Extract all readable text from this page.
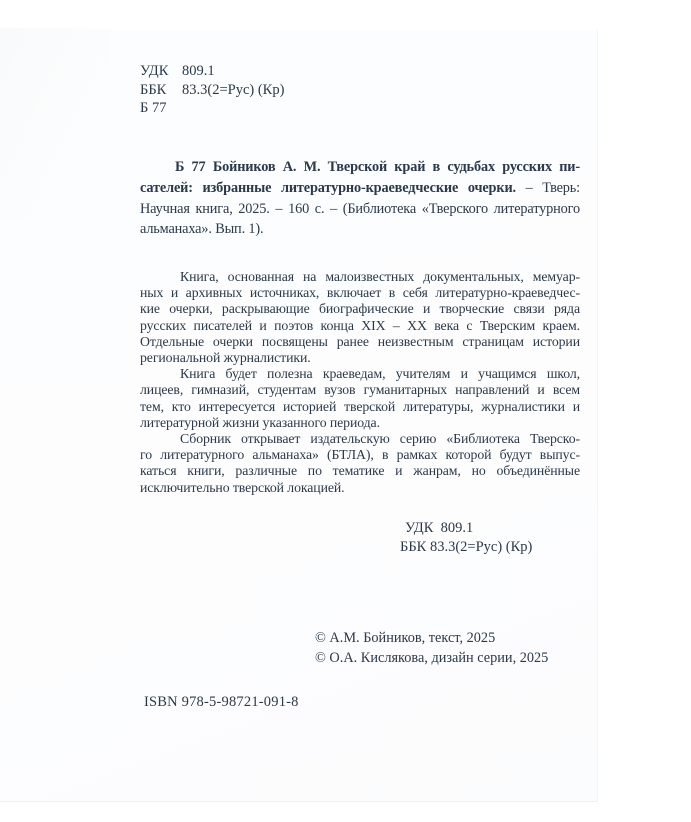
УДК 809.1
ББК	83.3(2=Рус) (Кр)
Б 77
Б 77 Бойников А. М. Тверской край в судьбах русских пи-
сателей: избранные литературно-краеведческие очерки. – Тверь:
Научная книга, 2025. – 160 с. – (Библиотека «Тверского литературного
альманаха». Вып. 1).
Книга, основанная на малоизвестных документальных, мемуар-
ных и архивных источниках, включает в себя литературно-краеведчес-
кие очерки, раскрывающие биографические и творческие связи ряда
русских писателей и поэтов конца XIX – XX века с Тверским краем.
Отдельные очерки посвящены ранее неизвестным страницам истории
региональной журналистики.
Книга будет полезна краеведам, учителям и учащимся школ,
лицеев, гимназий, студентам вузов гуманитарных направлений и всем
тем, кто интересуется историей тверской литературы, журналистики и
литературной жизни указанного периода.
Сборник открывает издательскую серию «Библиотека Тверско-
го литературного альманаха» (БТЛА), в рамках которой будут выпус-
каться книги, различные по тематике и жанрам, но объединённые
исключительно тверской локацией.
УДК  809.1
ББК 83.3(2=Рус) (Кр)
© А.М. Бойников, текст, 2025
© О.А. Кислякова, дизайн серии, 2025
ISBN 978-5-98721-091-8
